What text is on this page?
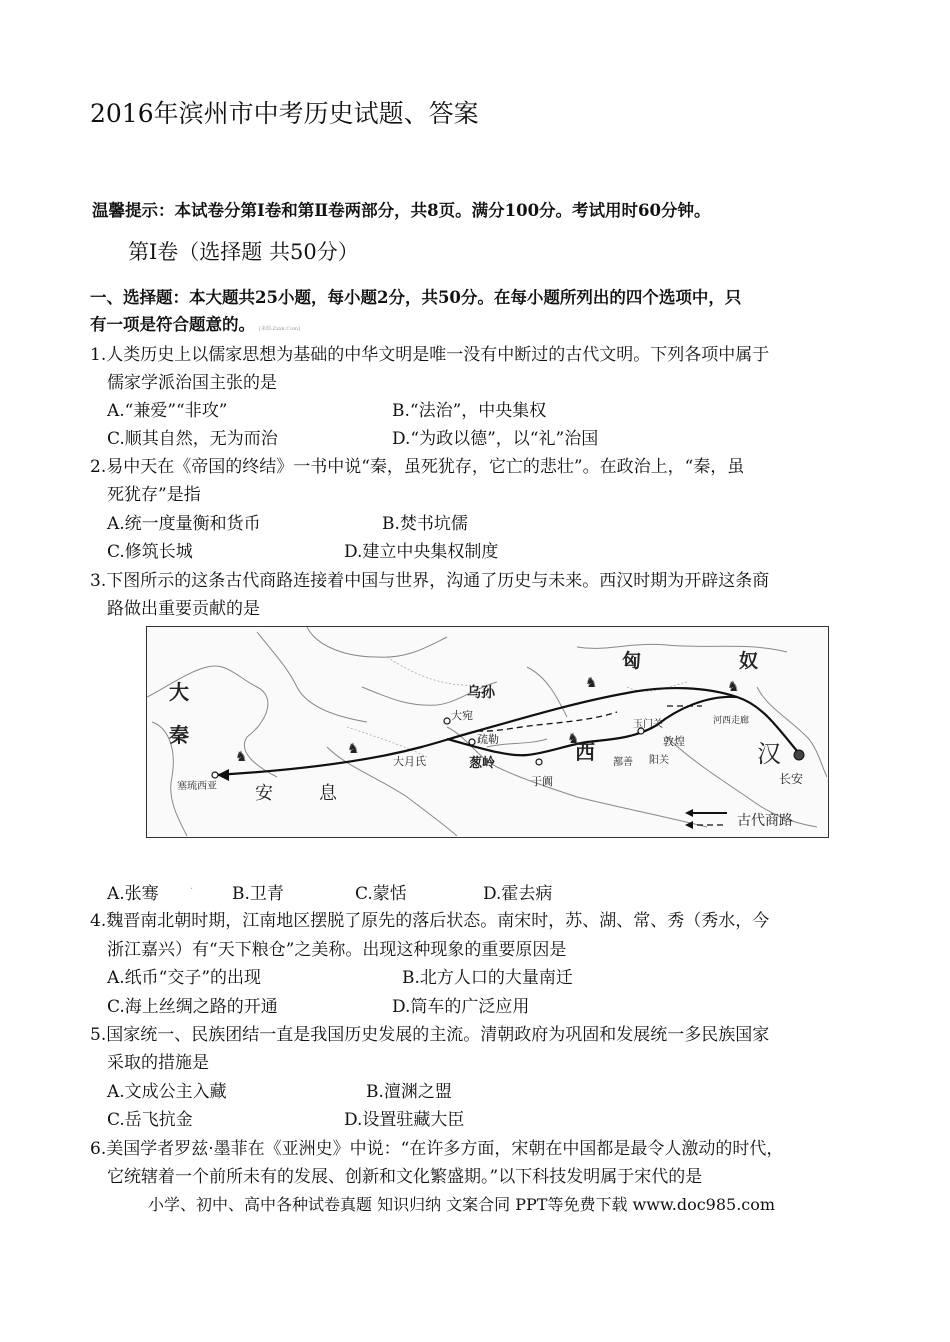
2016年滨州市中考历史试题、答案
温馨提示：本试卷分第Ⅰ卷和第Ⅱ卷两部分，共8页。满分100分。考试用时60分钟。
第Ⅰ卷（选择题 共50分）
一、选择题：本大题共25小题，每小题2分，共50分。在每小题所列出的四个选项中，只
有一项是符合题意的。 [来源:Zxxk.Com]
1.人类历史上以儒家思想为基础的中华文明是唯一没有中断过的古代文明。下列各项中属于
儒家学派治国主张的是
A.“兼爱”“非攻”	B.“法治”，中央集权
C.顺其自然，无为而治	D.“为政以德”，以“礼”治国
2.易中天在《帝国的终结》一书中说“秦，虽死犹存，它亡的悲壮”。在政治上，“秦，虽
死犹存”是指
A.统一度量衡和货币	B.焚书坑儒
C.修筑长城	D.建立中央集权制度
3.下图所示的这条古代商路连接着中国与世界，沟通了历史与未来。西汉时期为开辟这条商
路做出重要贡献的是
♞	♞
♞
♞
♞
匈	奴
大
秦
乌孙
大宛
疏勒
葱岭
大月氏	西
玉门关
敦煌
阳关
鄯善
河西走廊
汉
长安
于阗
塞琉西亚 安	息
古代商路
A.张骞	. B.卫青	C.蒙恬	D.霍去病
4.魏晋南北朝时期，江南地区摆脱了原先的落后状态。南宋时，苏、湖、常、秀（秀水，今
浙江嘉兴）有“天下粮仓”之美称。出现这种现象的重要原因是
A.纸币“交子”的出现	B.北方人口的大量南迁
C.海上丝绸之路的开通	D.筒车的广泛应用
5.国家统一、民族团结一直是我国历史发展的主流。清朝政府为巩固和发展统一多民族国家
采取的措施是
A.文成公主入藏	B.澶渊之盟
C.岳飞抗金	D.设置驻藏大臣
6.美国学者罗兹·墨菲在《亚洲史》中说：“在许多方面，宋朝在中国都是最令人激动的时代，
它统辖着一个前所未有的发展、创新和文化繁盛期。”以下科技发明属于宋代的是
小学、初中、高中各种试卷真题 知识归纳 文案合同 PPT等免费下载 www.doc985.com
